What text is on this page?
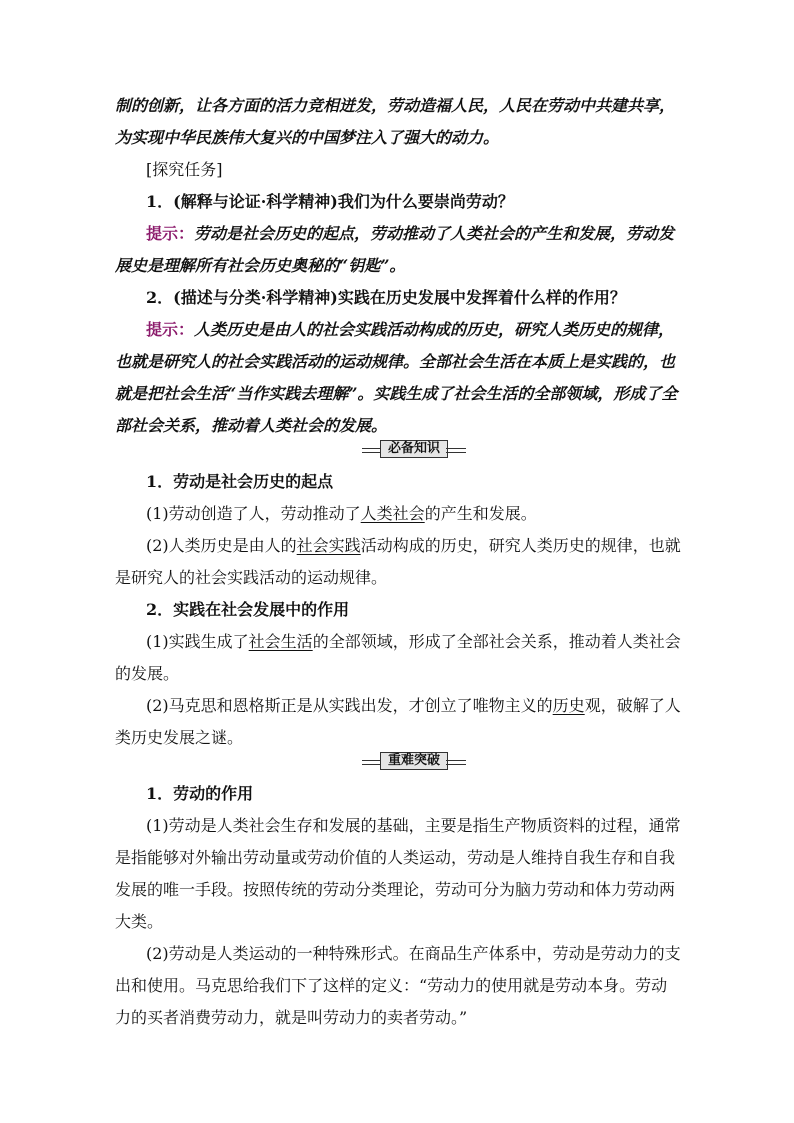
制的创新，让各方面的活力竞相迸发，劳动造福人民，人民在劳动中共建共享，
为实现中华民族伟大复兴的中国梦注入了强大的动力。
[探究任务]
1．(解释与论证·科学精神)我们为什么要崇尚劳动？
提示：劳动是社会历史的起点，劳动推动了人类社会的产生和发展，劳动发
展史是理解所有社会历史奥秘的“钥匙”。
2．(描述与分类·科学精神)实践在历史发展中发挥着什么样的作用？
提示：人类历史是由人的社会实践活动构成的历史，研究人类历史的规律，
也就是研究人的社会实践活动的运动规律。全部社会生活在本质上是实践的，也
就是把社会生活“当作实践去理解”。实践生成了社会生活的全部领域，形成了全
部社会关系，推动着人类社会的发展。
必备知识
1．劳动是社会历史的起点
(1)劳动创造了人，劳动推动了人类社会的产生和发展。
(2)人类历史是由人的社会实践活动构成的历史，研究人类历史的规律，也就
是研究人的社会实践活动的运动规律。
2．实践在社会发展中的作用
(1)实践生成了社会生活的全部领域，形成了全部社会关系，推动着人类社会
的发展。
(2)马克思和恩格斯正是从实践出发，才创立了唯物主义的历史观，破解了人
类历史发展之谜。
重难突破
1．劳动的作用
(1)劳动是人类社会生存和发展的基础，主要是指生产物质资料的过程，通常
是指能够对外输出劳动量或劳动价值的人类运动，劳动是人维持自我生存和自我
发展的唯一手段。按照传统的劳动分类理论，劳动可分为脑力劳动和体力劳动两
大类。
(2)劳动是人类运动的一种特殊形式。在商品生产体系中，劳动是劳动力的支
出和使用。马克思给我们下了这样的定义：“劳动力的使用就是劳动本身。劳动
力的买者消费劳动力，就是叫劳动力的卖者劳动。”
